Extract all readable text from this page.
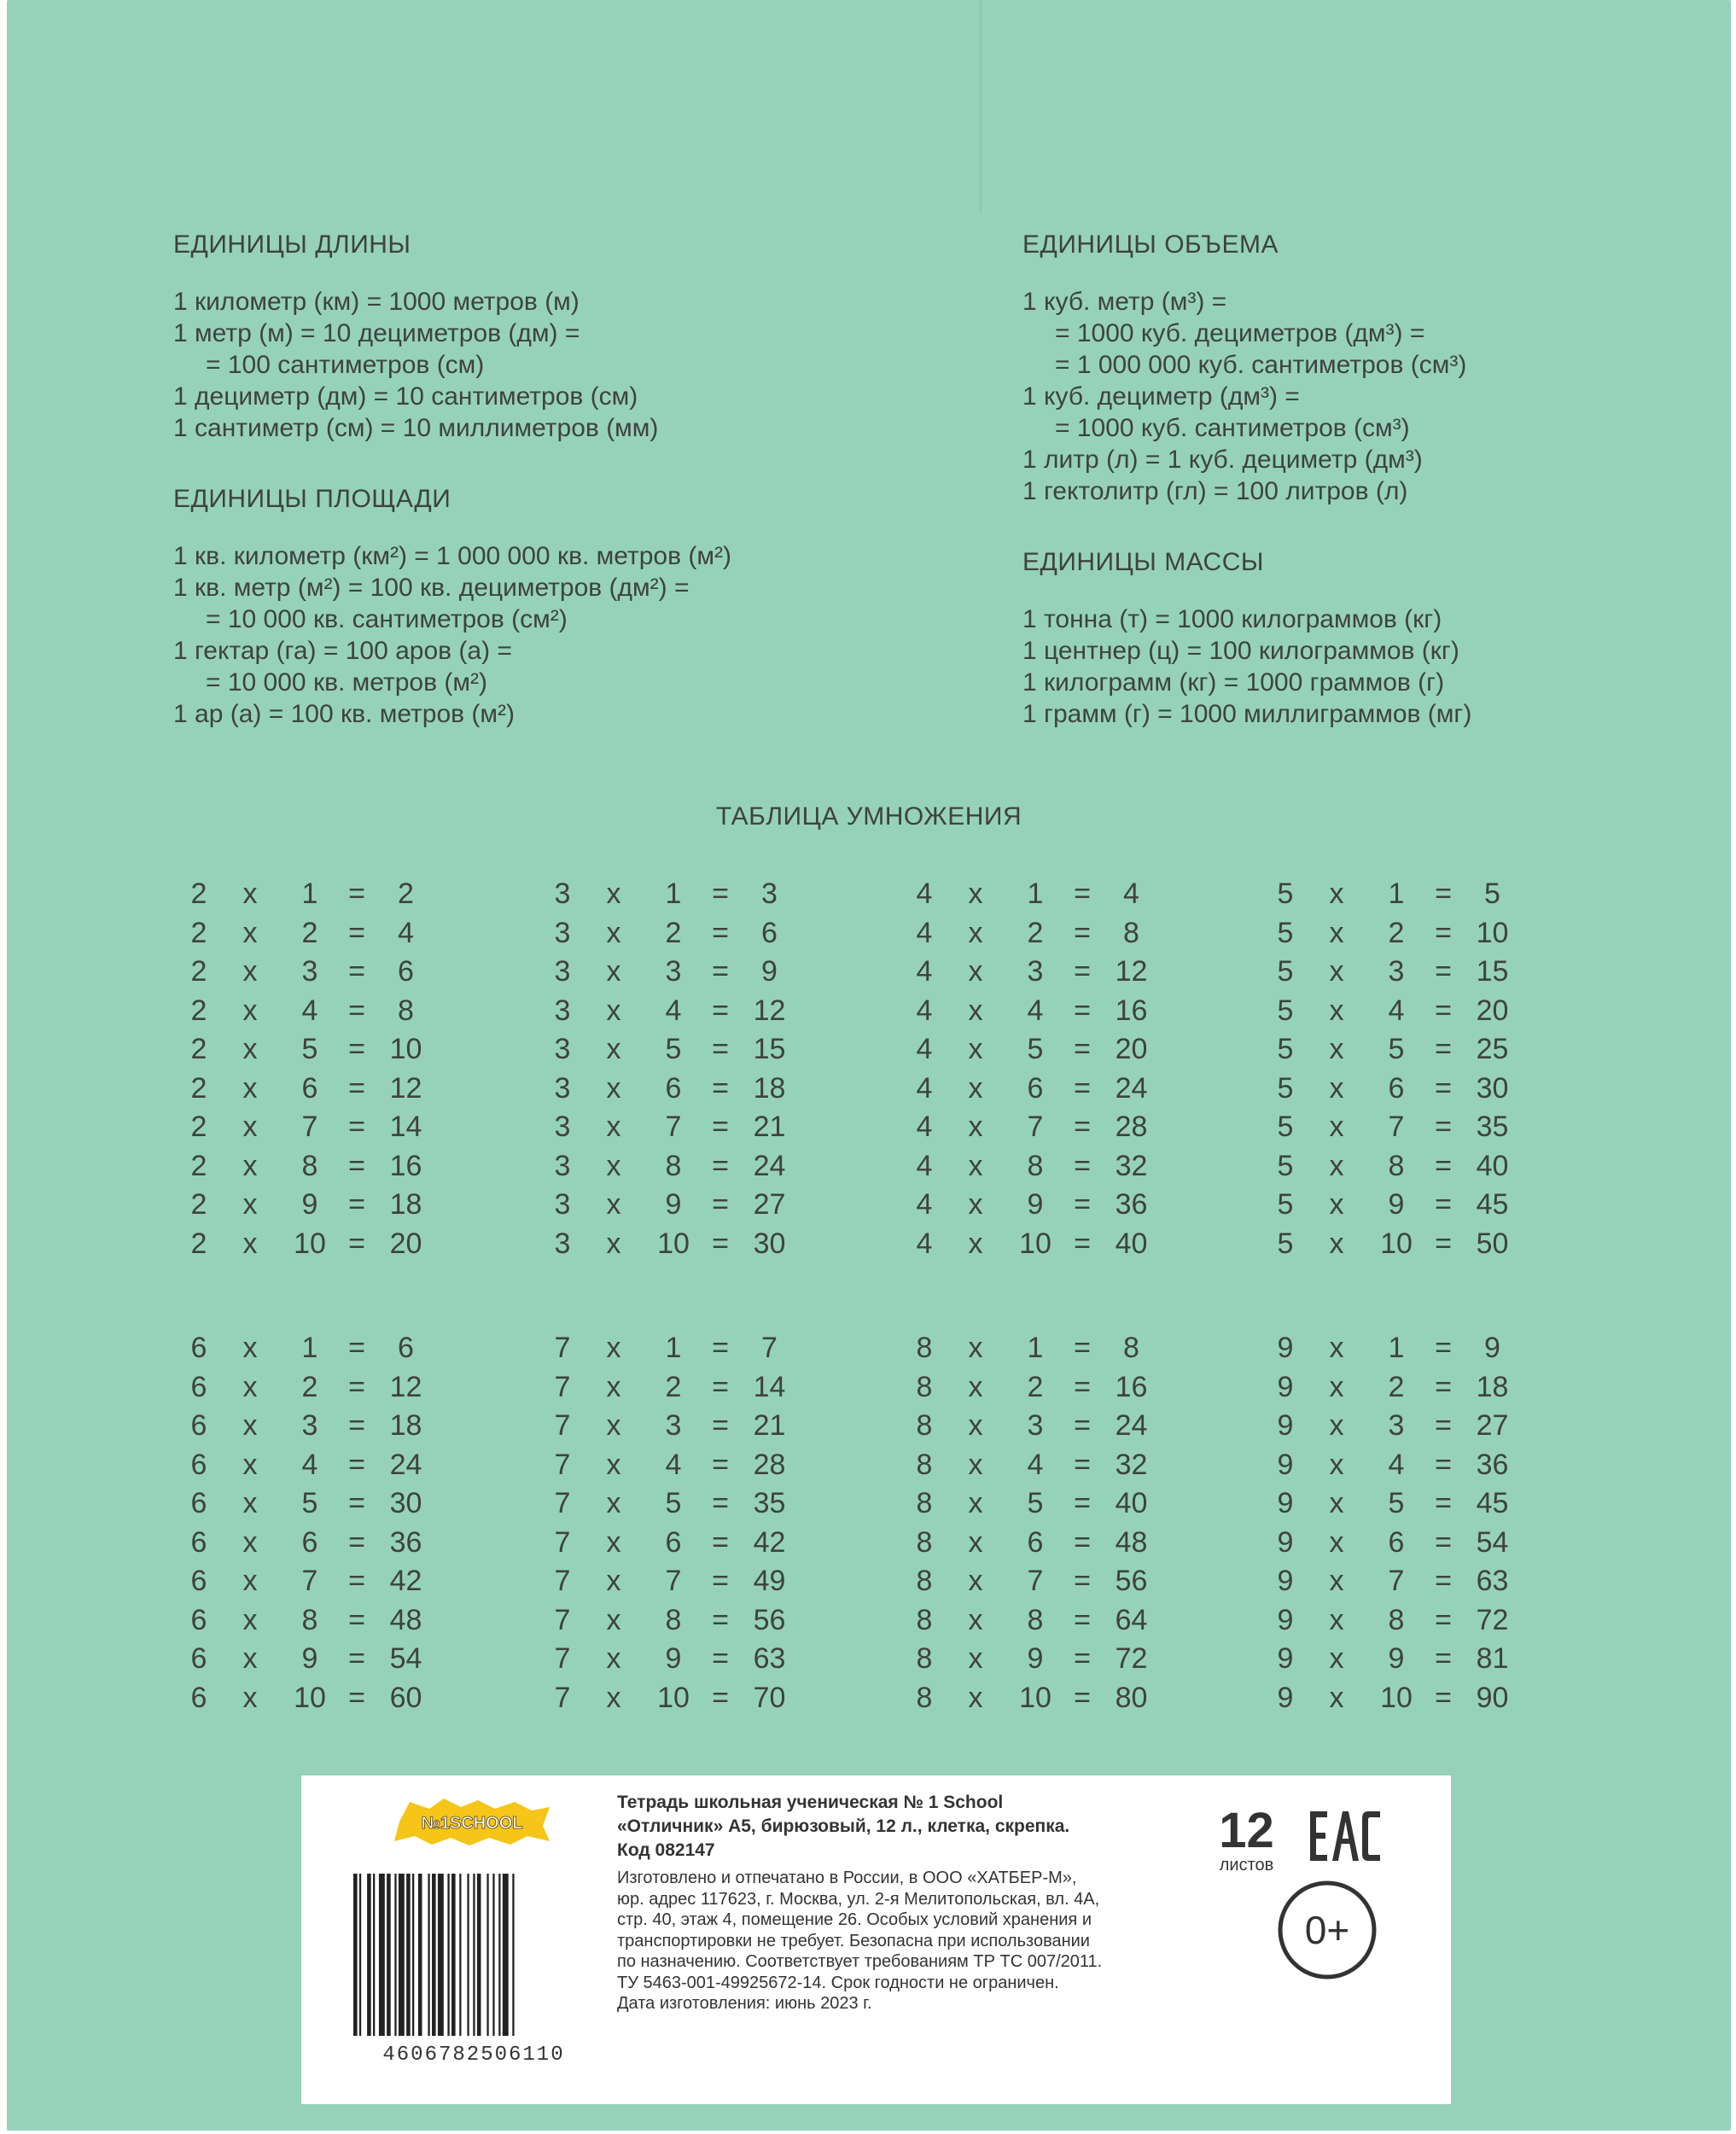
ЕДИНИЦЫ ДЛИНЫ
1 километр (км) = 1000 метров (м)
1 метр (м) = 10 дециметров (дм) =
= 100 сантиметров (см)
1 дециметр (дм) = 10 сантиметров (см)
1 сантиметр (см) = 10 миллиметров (мм)
ЕДИНИЦЫ ПЛОЩАДИ
1 кв. километр (км²) = 1 000 000 кв. метров (м²)
1 кв. метр (м²) = 100 кв. дециметров (дм²) =
= 10 000 кв. сантиметров (см²)
1 гектар (га) = 100 аров (а) =
= 10 000 кв. метров (м²)
1 ар (а) = 100 кв. метров (м²)
ЕДИНИЦЫ ОБЪЕМА
1 куб. метр (м³) =
= 1000 куб. дециметров (дм³) =
= 1 000 000 куб. сантиметров (см³)
1 куб. дециметр (дм³) =
= 1000 куб. сантиметров (см³)
1 литр (л) = 1 куб. дециметр (дм³)
1 гектолитр (гл) = 100 литров (л)
ЕДИНИЦЫ МАССЫ
1 тонна (т) = 1000 килограммов (кг)
1 центнер (ц) = 100 килограммов (кг)
1 килограмм (кг) = 1000 граммов (г)
1 грамм (г) = 1000 миллиграммов (мг)
ТАБЛИЦА УМНОЖЕНИЯ
2 x	1	=	2
2 x	2	=	4
2 x	3	=	6
2 x	4	=	8
2 x	5	= 10
2 x	6	= 12
2 x	7	= 14
2 x	8	= 16
2 x	9	= 18
2 x 10 = 20
3 x	1	=	3
3 x	2	=	6
3 x	3	=	9
3 x	4	= 12
3 x	5	= 15
3 x	6	= 18
3 x	7	= 21
3 x	8	= 24
3 x	9	= 27
3 x 10 = 30
4 x	1	=	4
4 x	2	=	8
4 x	3	= 12
4 x	4	= 16
4 x	5	= 20
4 x	6	= 24
4 x	7	= 28
4 x	8	= 32
4 x	9	= 36
4 x 10 = 40
5 x	1	=	5
5 x	2	= 10
5 x	3	= 15
5 x	4	= 20
5 x	5	= 25
5 x	6	= 30
5 x	7	= 35
5 x	8	= 40
5 x	9	= 45
5 x 10 = 50
6 x	1	=	6
6 x	2	= 12
6 x	3	= 18
6 x	4	= 24
6 x	5	= 30
6 x	6	= 36
6 x	7	= 42
6 x	8	= 48
6 x	9	= 54
6 x 10 = 60
7 x	1	=	7
7 x	2	= 14
7 x	3	= 21
7 x	4	= 28
7 x	5	= 35
7 x	6	= 42
7 x	7	= 49
7 x	8	= 56
7 x	9	= 63
7 x 10 = 70
8 x	1	=	8
8 x	2	= 16
8 x	3	= 24
8 x	4	= 32
8 x	5	= 40
8 x	6	= 48
8 x	7	= 56
8 x	8	= 64
8 x	9	= 72
8 x 10 = 80
9 x	1	=	9
9 x	2	= 18
9 x	3	= 27
9 x	4	= 36
9 x	5	= 45
9 x	6	= 54
9 x	7	= 63
9 x	8	= 72
9 x	9	= 81
9 x 10 = 90
№1SCHOOL
Тетрадь школьная ученическая № 1 School
«Отличник» А5, бирюзовый, 12 л., клетка, скрепка.
Код 082147
Изготовлено и отпечатано в России, в ООО «ХАТБЕР-М»,
юр. адрес 117623, г. Москва, ул. 2-я Мелитопольская, вл. 4А,
стр. 40, этаж 4, помещение 26. Особых условий хранения и
транспортировки не требует. Безопасна при использовании
по назначению. Соответствует требованиям ТР ТС 007/2011.
ТУ 5463-001-49925672-14. Срок годности не ограничен.
Дата изготовления: июнь 2023 г.
4606782506110
12
листов
0+
